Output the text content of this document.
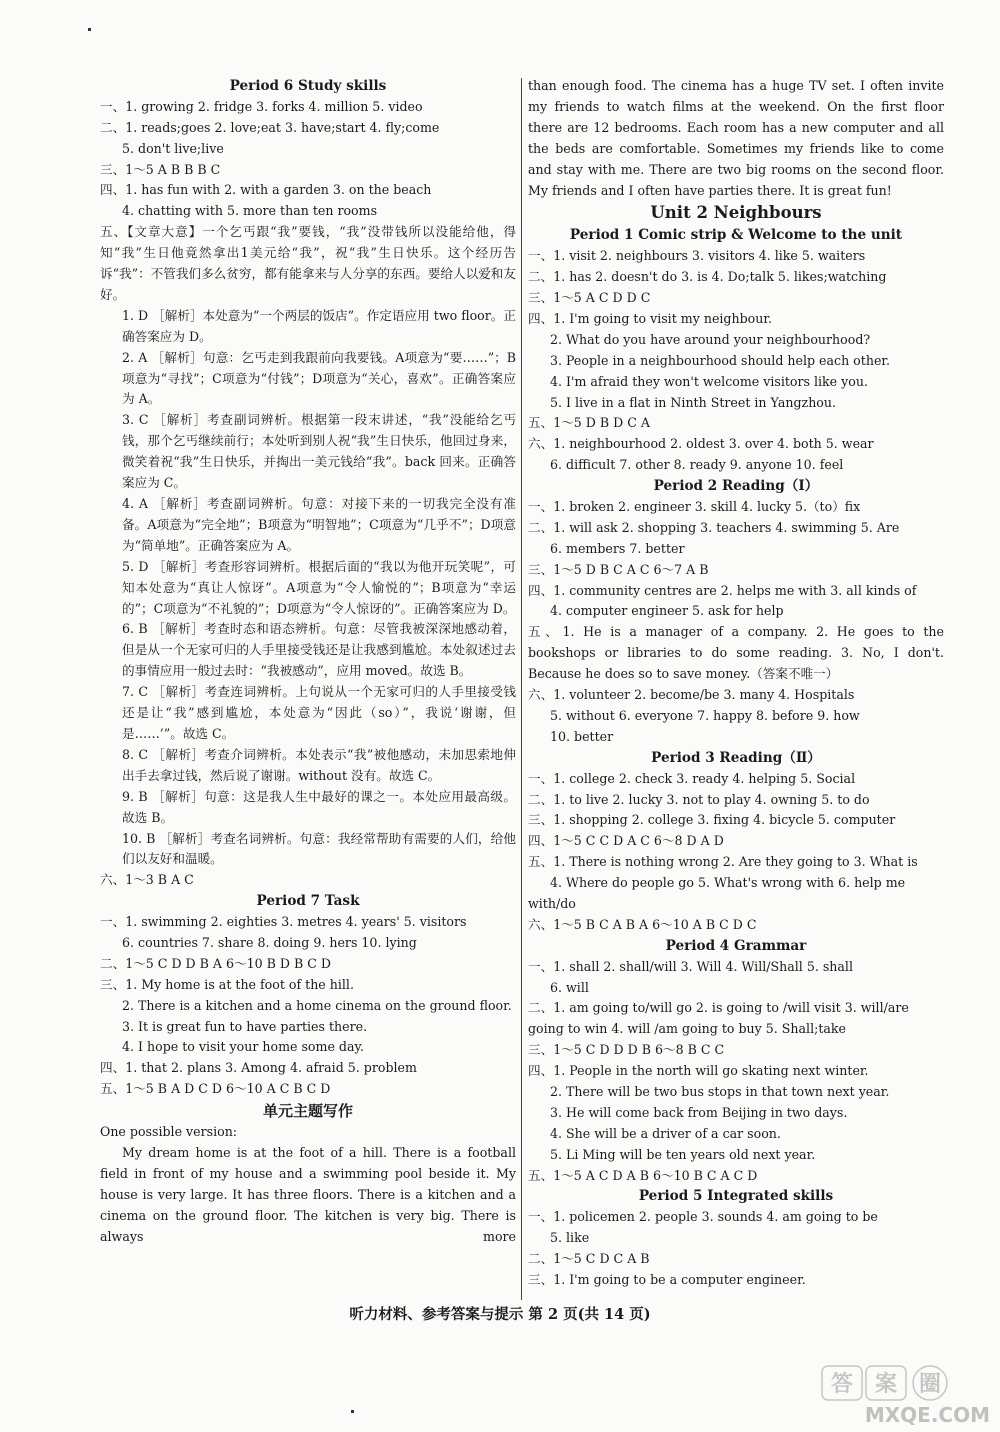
Period 6 Study skills
一、1. growing 2. fridge 3. forks 4. million 5. video
二、1. reads;goes 2. love;eat 3. have;start 4. fly;come
5. don't live;live
三、1～5 A B B B C
四、1. has fun with 2. with a garden 3. on the beach
4. chatting with 5. more than ten rooms
五、【文章大意】一个乞丐跟“我”要钱，“我”没带钱所以没能给他，得知“我”生日他竟然拿出1美元给“我”，祝“我”生日快乐。这个经历告诉“我”：不管我们多么贫穷，都有能拿来与人分享的东西。要给人以爱和友好。
1. D ［解析］本处意为“一个两层的饭店”。作定语应用 two floor。正确答案应为 D。
2. A ［解析］句意：乞丐走到我跟前向我要钱。A项意为“要……”；B项意为“寻找”；C项意为“付钱”；D项意为“关心，喜欢”。正确答案应为 A。
3. C ［解析］考查副词辨析。根据第一段末讲述，“我”没能给乞丐钱，那个乞丐继续前行；本处听到别人祝“我”生日快乐，他回过身来，微笑着祝“我”生日快乐，并掏出一美元钱给“我”。back 回来。正确答案应为 C。
4. A ［解析］考查副词辨析。句意：对接下来的一切我完全没有准备。A项意为“完全地”；B项意为“明智地”；C项意为“几乎不”；D项意为“简单地”。正确答案应为 A。
5. D ［解析］考查形容词辨析。根据后面的“我以为他开玩笑呢”，可知本处意为“真让人惊讶”。A项意为“令人愉悦的”；B项意为“幸运的”；C项意为“不礼貌的”；D项意为“令人惊讶的”。正确答案应为 D。
6. B ［解析］考查时态和语态辨析。句意：尽管我被深深地感动着，但是从一个无家可归的人手里接受钱还是让我感到尴尬。本处叙述过去的事情应用一般过去时：“我被感动”，应用 moved。故选 B。
7. C ［解析］考查连词辨析。上句说从一个无家可归的人手里接受钱还是让“我”感到尴尬，本处意为“因此（so）”，我说‘谢谢，但是……’”。故选 C。
8. C ［解析］考查介词辨析。本处表示“我”被他感动，未加思索地伸出手去拿过钱，然后说了谢谢。without 没有。故选 C。
9. B ［解析］句意：这是我人生中最好的课之一。本处应用最高级。故选 B。
10. B ［解析］考查名词辨析。句意：我经常帮助有需要的人们，给他们以友好和温暖。
六、1～3 B A C
Period 7 Task
一、1. swimming 2. eighties 3. metres 4. years' 5. visitors
6. countries 7. share 8. doing 9. hers 10. lying
二、1～5 C D D B A 6～10 B D B C D
三、1. My home is at the foot of the hill.
2. There is a kitchen and a home cinema on the ground floor.
3. It is great fun to have parties there.
4. I hope to visit your home some day.
四、1. that 2. plans 3. Among 4. afraid 5. problem
五、1～5 B A D C D 6～10 A C B C D
单元主题写作
One possible version:
My dream home is at the foot of a hill. There is a football field in front of my house and a swimming pool beside it. My house is very large. It has three floors. There is a kitchen and a cinema on the ground floor. The kitchen is very big. There is always more
than enough food. The cinema has a huge TV set. I often invite my friends to watch films at the weekend. On the first floor there are 12 bedrooms. Each room has a new computer and all the beds are comfortable. Sometimes my friends like to come and stay with me. There are two big rooms on the second floor. My friends and I often have parties there. It is great fun!
Unit 2 Neighbours
Period 1 Comic strip & Welcome to the unit
一、1. visit 2. neighbours 3. visitors 4. like 5. waiters
二、1. has 2. doesn't do 3. is 4. Do;talk 5. likes;watching
三、1～5 A C D D C
四、1. I'm going to visit my neighbour.
2. What do you have around your neighbourhood?
3. People in a neighbourhood should help each other.
4. I'm afraid they won't welcome visitors like you.
5. I live in a flat in Ninth Street in Yangzhou.
五、1～5 D B D C A
六、1. neighbourhood 2. oldest 3. over 4. both 5. wear
6. difficult 7. other 8. ready 9. anyone 10. feel
Period 2 Reading（Ⅰ）
一、1. broken 2. engineer 3. skill 4. lucky 5.（to）fix
二、1. will ask 2. shopping 3. teachers 4. swimming 5. Are
6. members 7. better
三、1～5 D B C A C 6～7 A B
四、1. community centres are 2. helps me with 3. all kinds of
4. computer engineer 5. ask for help
五、1. He is a manager of a company. 2. He goes to the bookshops or libraries to do some reading. 3. No, I don't. Because he does so to save money.（答案不唯一）
六、1. volunteer 2. become/be 3. many 4. Hospitals
5. without 6. everyone 7. happy 8. before 9. how
10. better
Period 3 Reading（Ⅱ）
一、1. college 2. check 3. ready 4. helping 5. Social
二、1. to live 2. lucky 3. not to play 4. owning 5. to do
三、1. shopping 2. college 3. fixing 4. bicycle 5. computer
四、1～5 C C D A C 6～8 D A D
五、1. There is nothing wrong 2. Are they going to 3. What is
4. Where do people go 5. What's wrong with 6. help me
with/do
六、1～5 B C A B A 6～10 A B C D C
Period 4 Grammar
一、1. shall 2. shall/will 3. Will 4. Will/Shall 5. shall
6. will
二、1. am going to/will go 2. is going to /will visit 3. will/are
going to win 4. will /am going to buy 5. Shall;take
三、1～5 C D D D B 6～8 B C C
四、1. People in the north will go skating next winter.
2. There will be two bus stops in that town next year.
3. He will come back from Beijing in two days.
4. She will be a driver of a car soon.
5. Li Ming will be ten years old next year.
五、1～5 A C D A B 6～10 B C A C D
Period 5 Integrated skills
一、1. policemen 2. people 3. sounds 4. am going to be
5. like
二、1～5 C D C A B
三、1. I'm going to be a computer engineer.
听力材料、参考答案与提示 第 2 页(共 14 页)
答 案 圈
MXQE.COM
